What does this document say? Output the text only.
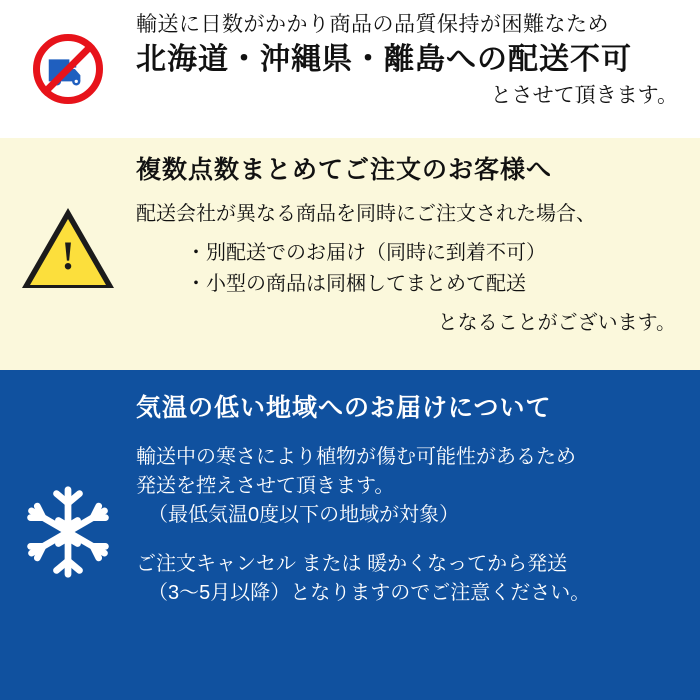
輸送に日数がかかり商品の品質保持が困難なため

北海道・沖縄県・離島への配送不可

とさせて頂きます。

!

複数点数まとめてご注文のお客様へ

配送会社が異なる商品を同時にご注文された場合、

・別配送でのお届け（同時に到着不可）
・小型の商品は同梱してまとめて配送

となることがございます。

気温の低い地域へのお届けについて

輸送中の寒さにより植物が傷む可能性があるため

発送を控えさせて頂きます。

（最低気温0度以下の地域が対象）

ご注文キャンセル または 暖かくなってから発送

（3〜5月以降）となりますのでご注意ください。
